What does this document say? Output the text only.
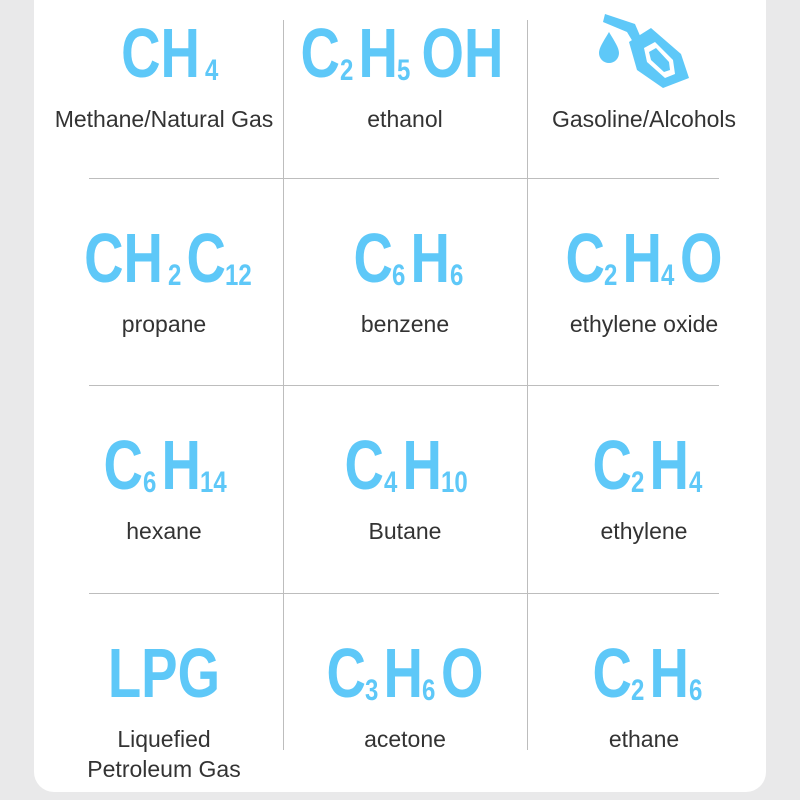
CH 4
Methane/Natural Gas
C 2 H 5 OH
ethanol	Gasoline/Alcohols
CH 2 C 12
propane
C 6 H 6
benzene
C 2 H 4 O
ethylene oxide
C 6 H 14
hexane
C 4 H 10
Butane
C 2 H 4
ethylene
LPG
Liquefied
Petroleum Gas
C 3 H 6 O
acetone
C 2 H 6
ethane
